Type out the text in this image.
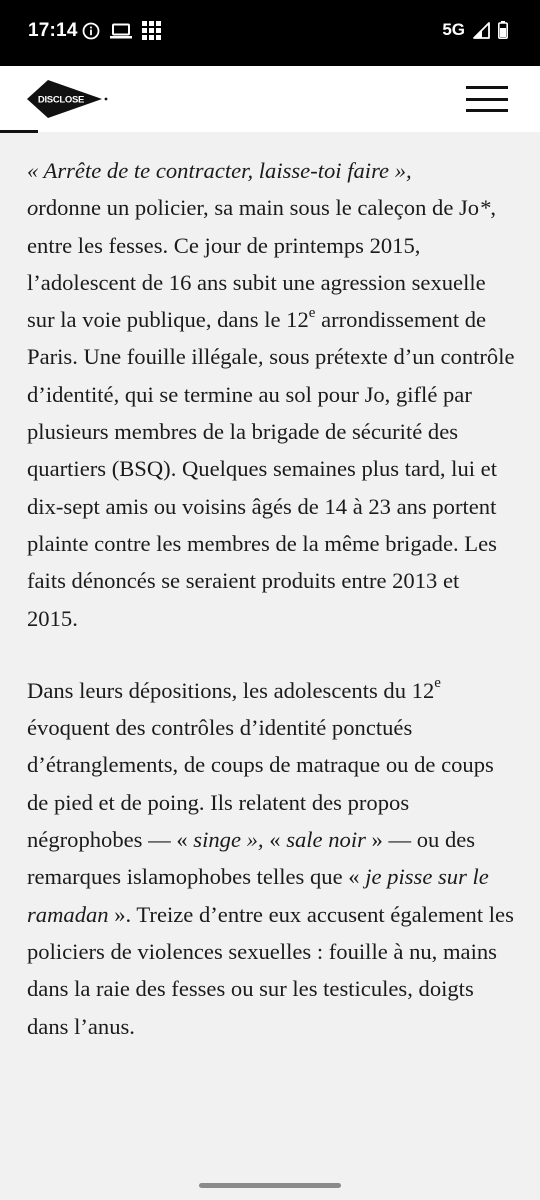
17:14	5G
DISCLOSE

« Arrête de te contracter, laisse-toi faire »,
ordonne un policier, sa main sous le caleçon de Jo*, entre les fesses. Ce jour de printemps 2015, l’adolescent de 16 ans subit une agression sexuelle sur la voie publique, dans le 12e arrondissement de Paris. Une fouille illégale, sous prétexte d’un contrôle d’identité, qui se termine au sol pour Jo, giflé par plusieurs membres de la brigade de sécurité des quartiers (BSQ). Quelques semaines plus tard, lui et dix-sept amis ou voisins âgés de 14 à 23 ans portent plainte contre les membres de la même brigade. Les faits dénoncés se seraient produits entre 2013 et 2015.

Dans leurs dépositions, les adolescents du 12e évoquent des contrôles d’identité ponctués d’étranglements, de coups de matraque ou de coups de pied et de poing. Ils relatent des propos négrophobes — « singe », « sale noir » — ou des remarques islamophobes telles que « je pisse sur le ramadan ». Treize d’entre eux accusent également les policiers de violences sexuelles : fouille à nu, mains dans la raie des fesses ou sur les testicules, doigts dans l’anus.
